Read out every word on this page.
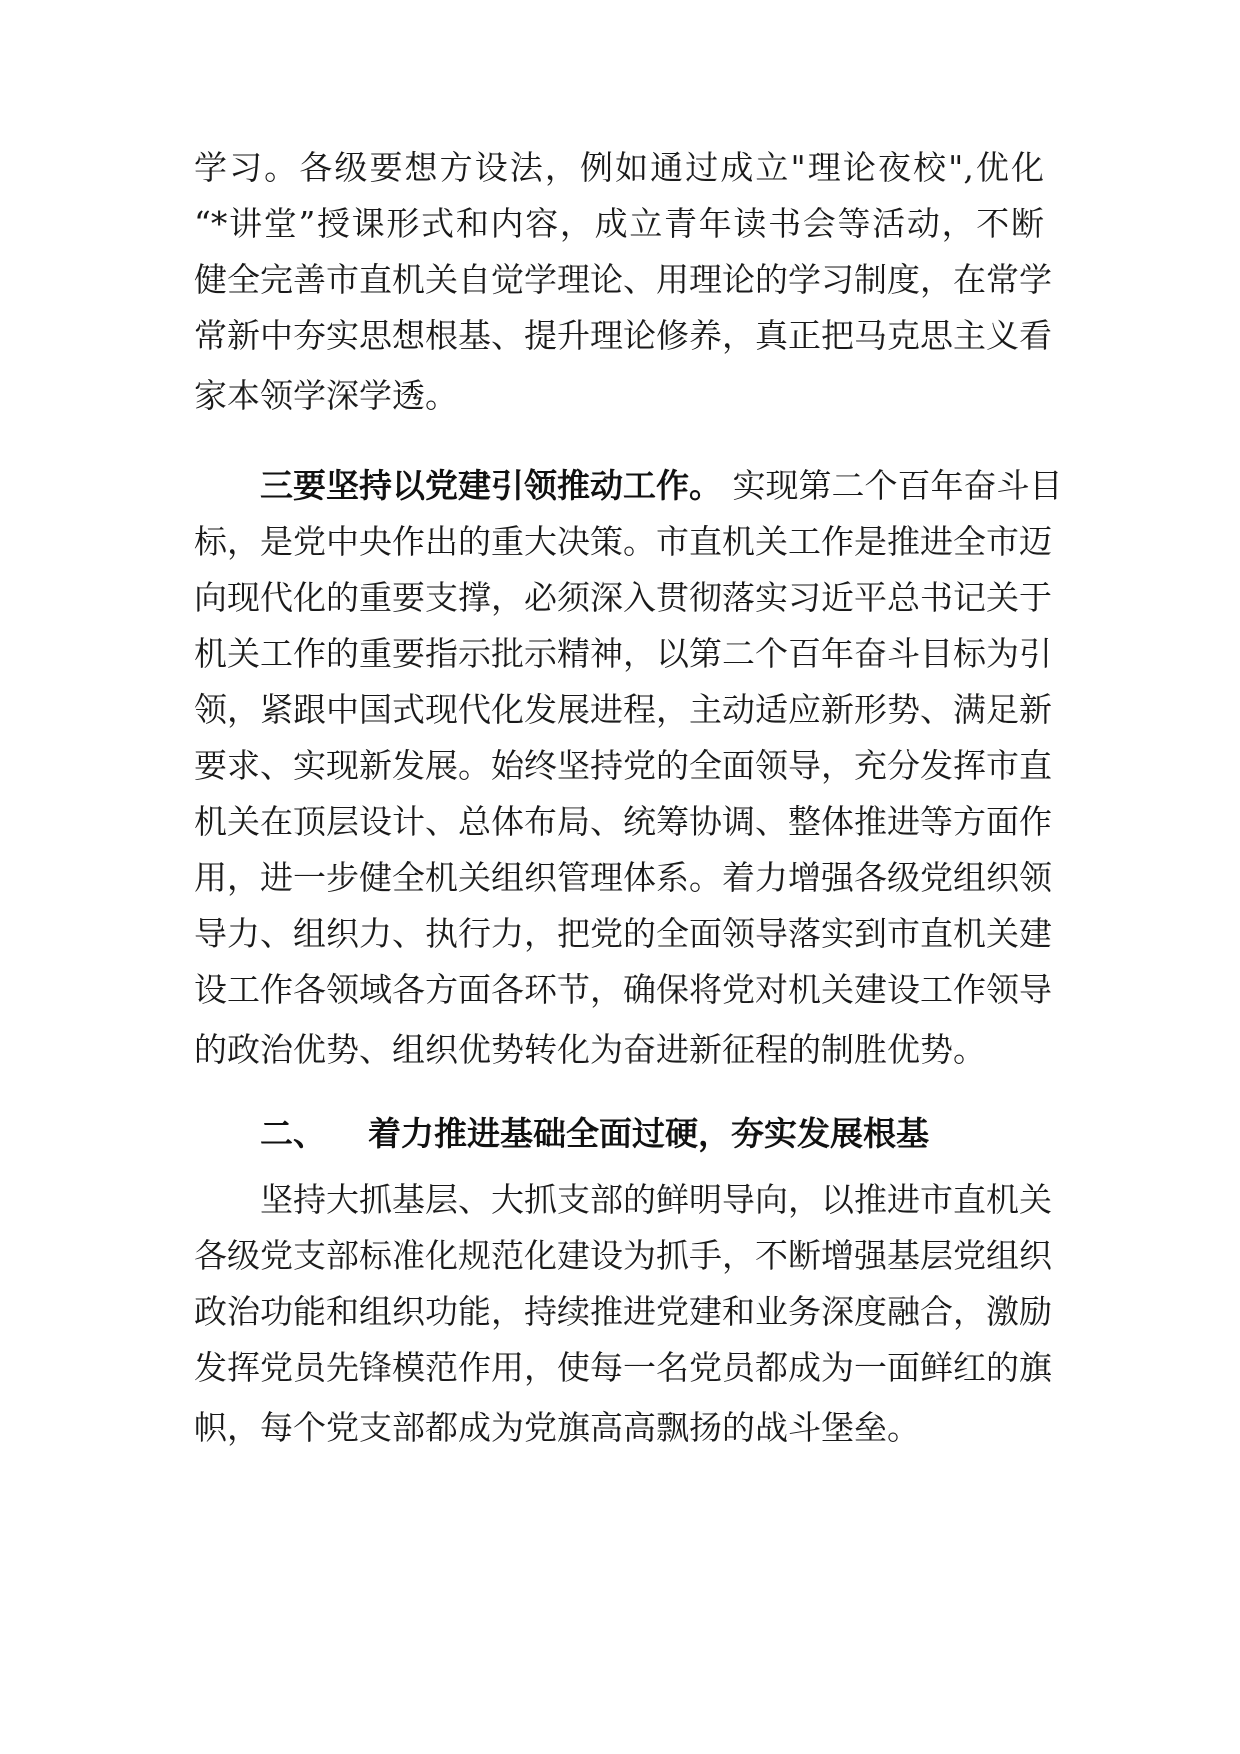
学习。各级要想方设法，例如通过成立"理论夜校",优化

“*讲堂”授课形式和内容，成立青年读书会等活动，不断

健全完善市直机关自觉学理论、用理论的学习制度，在常学

常新中夯实思想根基、提升理论修养，真正把马克思主义看

家本领学深学透。

三要坚持以党建引领推动工作。 实现第二个百年奋斗目

标，是党中央作出的重大决策。市直机关工作是推进全市迈

向现代化的重要支撑，必须深入贯彻落实习近平总书记关于

机关工作的重要指示批示精神，以第二个百年奋斗目标为引

领，紧跟中国式现代化发展进程，主动适应新形势、满足新

要求、实现新发展。始终坚持党的全面领导，充分发挥市直

机关在顶层设计、总体布局、统筹协调、整体推进等方面作

用，进一步健全机关组织管理体系。着力增强各级党组织领

导力、组织力、执行力，把党的全面领导落实到市直机关建

设工作各领域各方面各环节，确保将党对机关建设工作领导

的政治优势、组织优势转化为奋进新征程的制胜优势。

二、 着力推进基础全面过硬，夯实发展根基

坚持大抓基层、大抓支部的鲜明导向，以推进市直机关

各级党支部标准化规范化建设为抓手，不断增强基层党组织

政治功能和组织功能，持续推进党建和业务深度融合，激励

发挥党员先锋模范作用，使每一名党员都成为一面鲜红的旗

帜，每个党支部都成为党旗高高飘扬的战斗堡垒。
